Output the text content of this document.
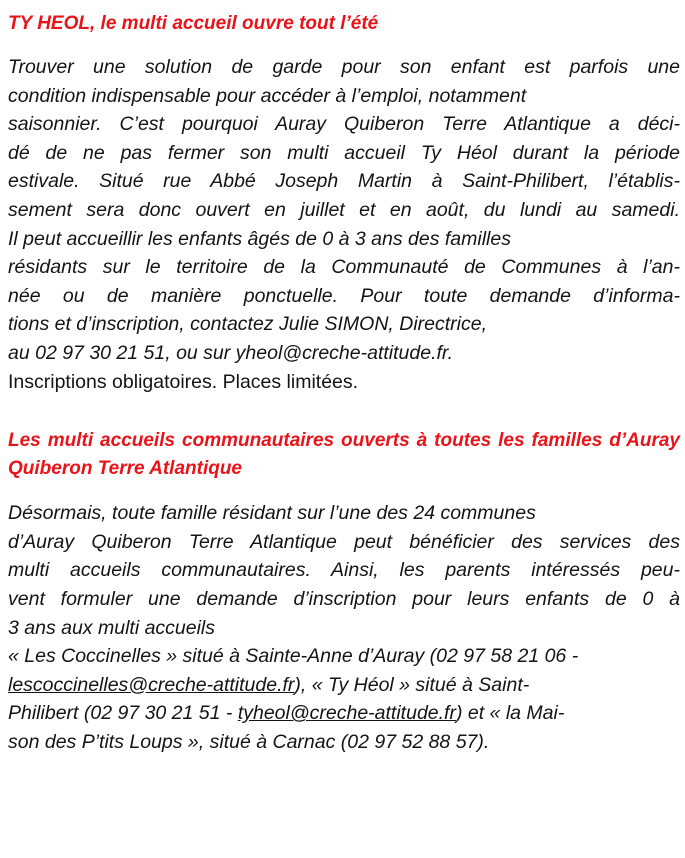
TY HEOL, le multi accueil ouvre tout l’été
Trouver une solution de garde pour son enfant est parfois une
condition indispensable pour accéder à l’emploi, notamment
saisonnier. C’est pourquoi Auray Quiberon Terre Atlantique a déci-
dé de ne pas fermer son multi accueil Ty Héol durant la période
estivale. Situé rue Abbé Joseph Martin à Saint-Philibert, l’établis-
sement sera donc ouvert en juillet et en août, du lundi au samedi.
Il peut accueillir les enfants âgés de 0 à 3 ans des familles
résidants sur le territoire de la Communauté de Communes à l’an-
née ou de manière ponctuelle. Pour toute demande d’informa-
tions et d’inscription, contactez Julie SIMON, Directrice,
au 02 97 30 21 51, ou sur yheol@creche-attitude.fr.
Inscriptions obligatoires. Places limitées.
Les multi accueils communautaires ouverts à toutes les familles d’Auray Quiberon Terre Atlantique
Désormais, toute famille résidant sur l’une des 24 communes
d’Auray Quiberon Terre Atlantique peut bénéficier des services des
multi accueils communautaires. Ainsi, les parents intéressés peu-
vent formuler une demande d’inscription pour leurs enfants de 0 à
3 ans aux multi accueils
« Les Coccinelles » situé à Sainte-Anne d’Auray (02 97 58 21 06 -
lescoccinelles@creche-attitude.fr), « Ty Héol » situé à Saint-
Philibert (02 97 30 21 51 - tyheol@creche-attitude.fr) et « la Mai-
son des P’tits Loups », situé à Carnac (02 97 52 88 57).
